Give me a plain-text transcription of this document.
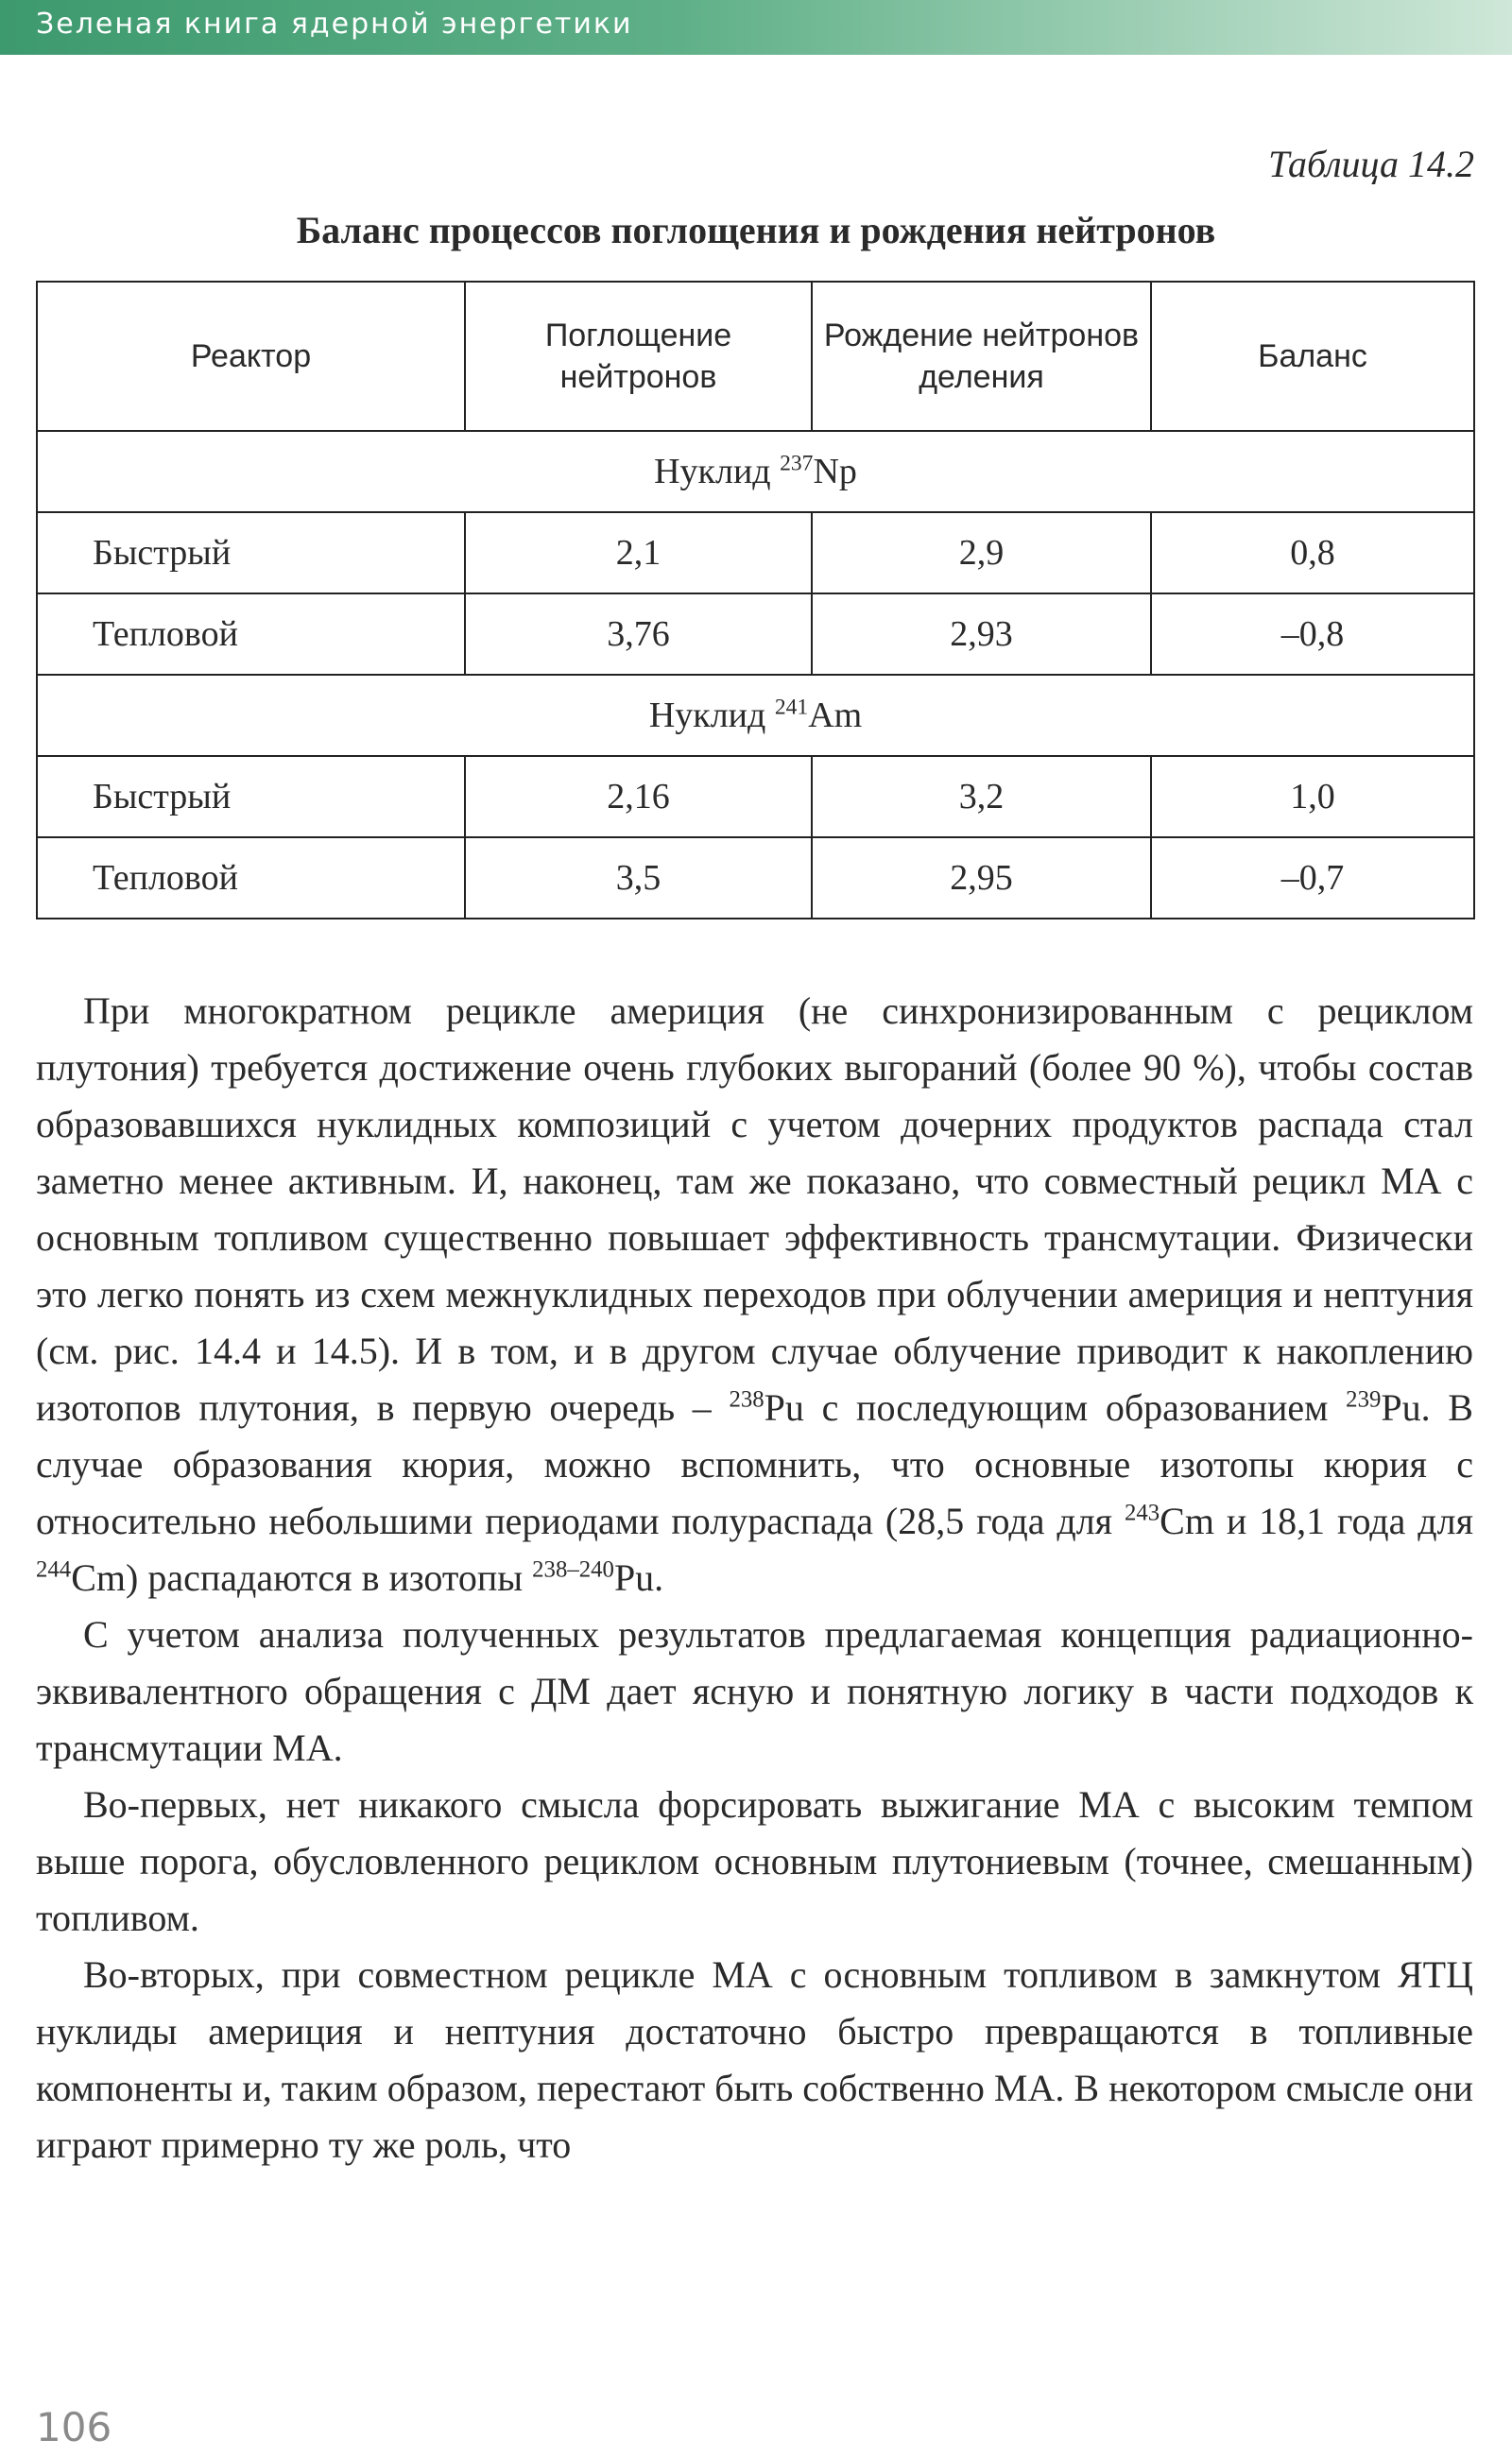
Зеленая книга ядерной энергетики
Таблица 14.2
Баланс процессов поглощения и рождения нейтронов
Реактор	Поглощение нейтронов	Рождение нейтронов деления	Баланс
Нуклид $^{237}$Np			
Быстрый	2,1	2,9	0,8
Тепловой	3,76	2,93	–0,8
Нуклид $^{241}$Am			
Быстрый	2,16	3,2	1,0
Тепловой	3,5	2,95	–0,7

При многократном рецикле америция (не синхронизированным с рециклом плутония) требуется достижение очень глубоких выгораний (более 90 %), чтобы состав образовавшихся нуклидных композиций с учетом дочерних продуктов распада стал заметно менее активным. И, наконец, там же показано, что совместный рецикл МА с основным топливом существенно повышает эффективность трансмутации. Физически это легко понять из схем межнуклидных переходов при облучении америция и нептуния (см. рис. 14.4 и 14.5). И в том, и в другом случае облучение приводит к накоплению изотопов плутония, в первую очередь – $^{238}$Pu с последующим образованием $^{239}$Pu. В случае образования кюрия, можно вспомнить, что основные изотопы кюрия с относительно небольшими периодами полураспада (28,5 года для $^{243}$Cm и 18,1 года для $^{244}$Cm) распадаются в изотопы $^{238-240}$Pu.

С учетом анализа полученных результатов предлагаемая концепция радиационно-эквивалентного обращения с ДМ дает ясную и понятную логику в части подходов к трансмутации МА.

Во-первых, нет никакого смысла форсировать выжигание МА с высоким темпом выше порога, обусловленного рециклом основным плутониевым (точнее, смешанным) топливом.

Во-вторых, при совместном рецикле МА с основным топливом в замкнутом ЯТЦ нуклиды америция и нептуния достаточно быстро превращаются в топливные компоненты и, таким образом, перестают быть собственно МА. В некотором смысле они играют примерно ту же роль, что

106
